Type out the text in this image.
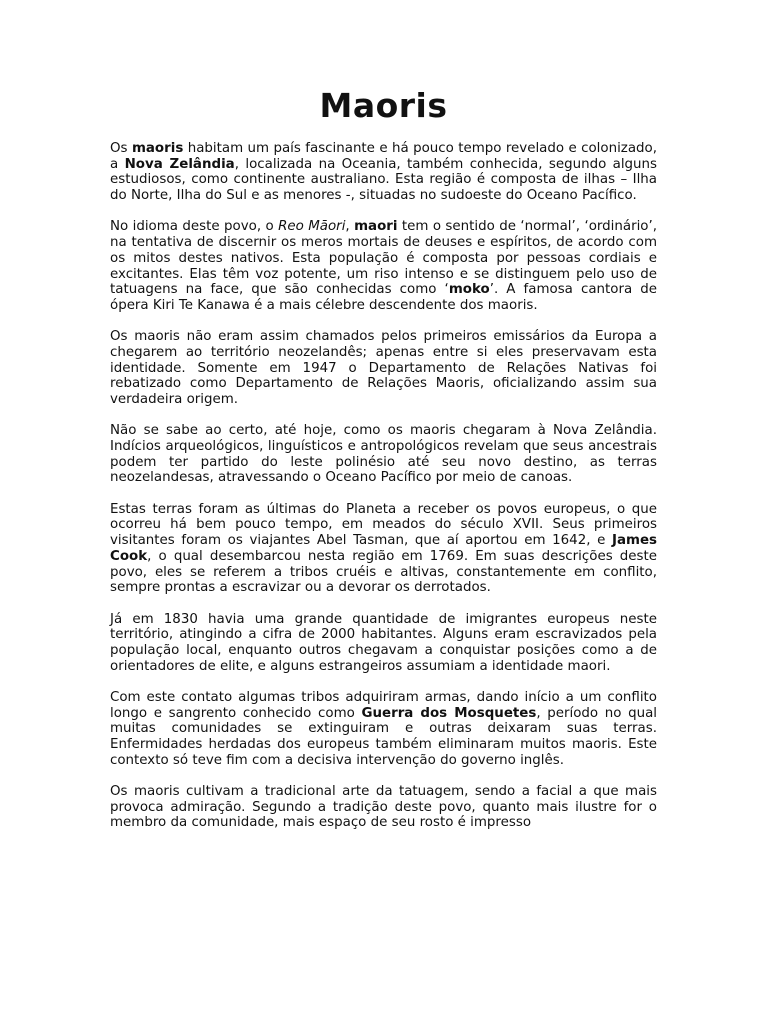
Maoris

Os maoris habitam um país fascinante e há pouco tempo revelado e colonizado, a Nova Zelândia, localizada na Oceania, também conhecida, segundo alguns estudiosos, como continente australiano. Esta região é composta de ilhas – Ilha do Norte, Ilha do Sul e as menores -, situadas no sudoeste do Oceano Pacífico.

No idioma deste povo, o Reo Māori, maori tem o sentido de ‘normal’, ‘ordinário’, na tentativa de discernir os meros mortais de deuses e espíritos, de acordo com os mitos destes nativos. Esta população é composta por pessoas cordiais e excitantes. Elas têm voz potente, um riso intenso e se distinguem pelo uso de tatuagens na face, que são conhecidas como ‘moko’. A famosa cantora de ópera Kiri Te Kanawa é a mais célebre descendente dos maoris.

Os maoris não eram assim chamados pelos primeiros emissários da Europa a chegarem ao território neozelandês; apenas entre si eles preservavam esta identidade. Somente em 1947 o Departamento de Relações Nativas foi rebatizado como Departamento de Relações Maoris, oficializando assim sua verdadeira origem.

Não se sabe ao certo, até hoje, como os maoris chegaram à Nova Zelândia. Indícios arqueológicos, linguísticos e antropológicos revelam que seus ancestrais podem ter partido do leste polinésio até seu novo destino, as terras neozelandesas, atravessando o Oceano Pacífico por meio de canoas.

Estas terras foram as últimas do Planeta a receber os povos europeus, o que ocorreu há bem pouco tempo, em meados do século XVII. Seus primeiros visitantes foram os viajantes Abel Tasman, que aí aportou em 1642, e James Cook, o qual desembarcou nesta região em 1769. Em suas descrições deste povo, eles se referem a tribos cruéis e altivas, constantemente em conflito, sempre prontas a escravizar ou a devorar os derrotados.

Já em 1830 havia uma grande quantidade de imigrantes europeus neste território, atingindo a cifra de 2000 habitantes. Alguns eram escravizados pela população local, enquanto outros chegavam a conquistar posições como a de orientadores de elite, e alguns estrangeiros assumiam a identidade maori.

Com este contato algumas tribos adquiriram armas, dando início a um conflito longo e sangrento conhecido como Guerra dos Mosquetes, período no qual muitas comunidades se extinguiram e outras deixaram suas terras. Enfermidades herdadas dos europeus também eliminaram muitos maoris. Este contexto só teve fim com a decisiva intervenção do governo inglês.

Os maoris cultivam a tradicional arte da tatuagem, sendo a facial a que mais provoca admiração. Segundo a tradição deste povo, quanto mais ilustre for o membro da comunidade, mais espaço de seu rosto é impresso
